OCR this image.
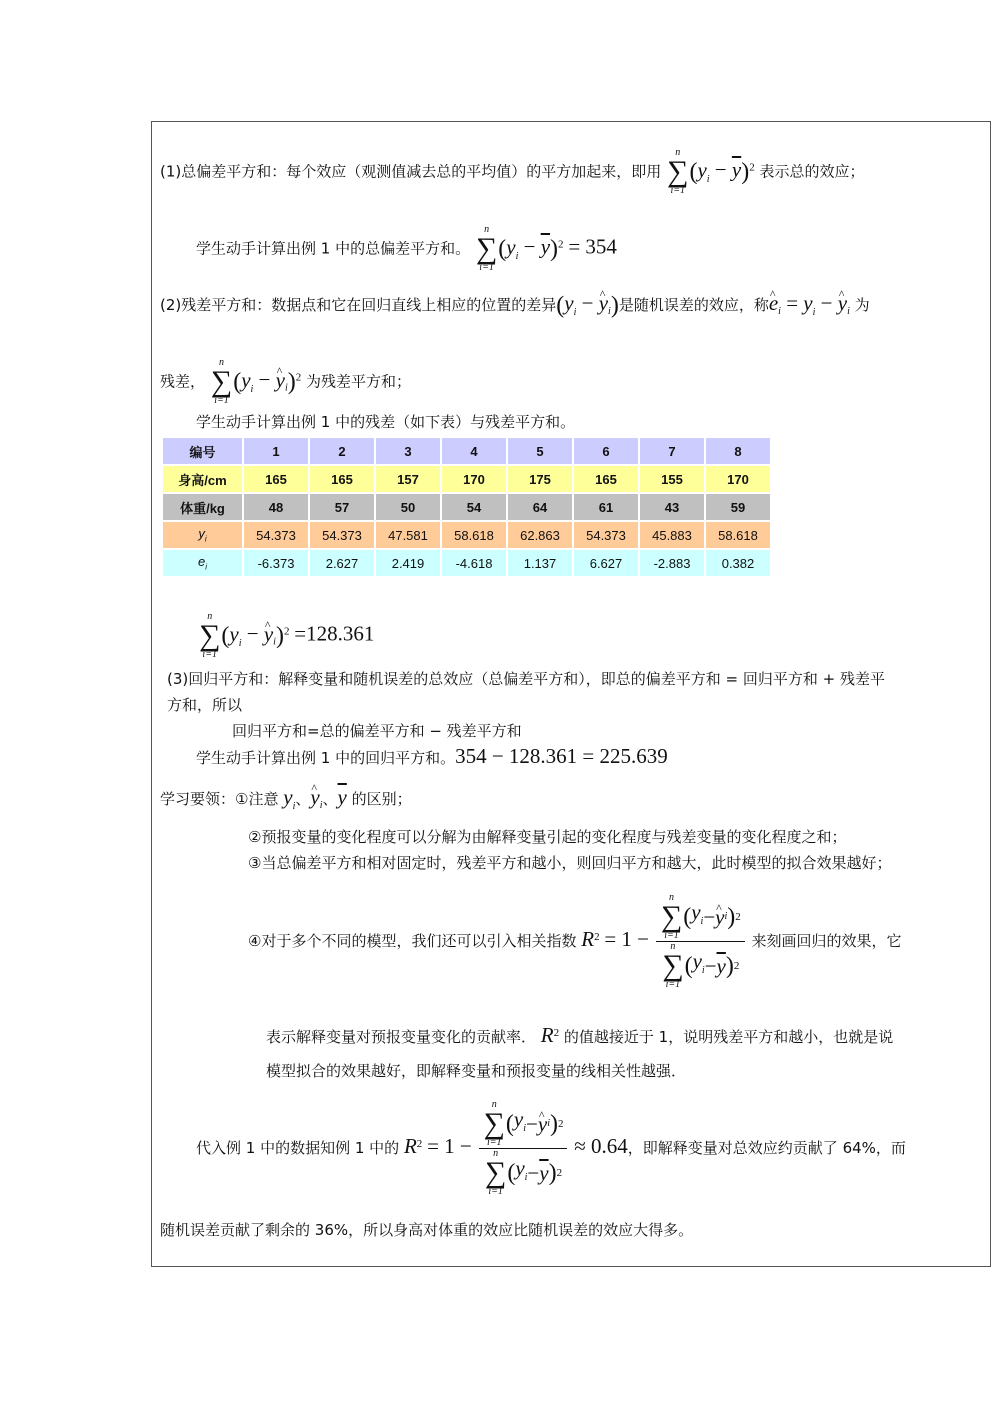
(1)总偏差平方和：每个效应（观测值减去总的平均值）的平方加起来，即用
n
∑
i=1
$(y_i - \overline{y})^2$ 表示总的效应；
学生动手计算出例 1 中的总偏差平方和。
n
∑
i=1
$(y_i - \overline{y})^2 = 354$
(2)残差平方和：数据点和它在回归直线上相应的位置的差异($y_i$ − ^ $y_i$)是随机误差的效应，称^ $e_i = y_i$ − ^ $y_i$ 为
残差，
n
∑
i=1
($y_i$ − ^ $y_i)^2$ 为残差平方和；
学生动手计算出例 1 中的残差（如下表）与残差平方和。
编号	1	2	3	4	5	6	7	8
身高/cm	165	165	157	170	175	165	155	170
体重/kg	48	57	50	54	64	61	43	59
$y_i$	54.373	54.373	47.581	58.618	62.863	54.373	45.883	58.618
$e_i$	-6.373	2.627	2.419	-4.618	1.137	6.627	-2.883	0.382
n
∑
i=1
($y_i$ − ^ $y_i)^2 =128.361$
(3)回归平方和：解释变量和随机误差的总效应（总偏差平方和），即总的偏差平方和 = 回归平方和 + 残差平
方和，所以
回归平方和=总的偏差平方和 − 残差平方和
学生动手计算出例 1 中的回归平方和。354 − 128.361 = 225.639
学习要领：①注意 $y_i$、^ $y_i$、$\overline{y}$ 的区别；
②预报变量的变化程度可以分解为由解释变量引起的变化程度与残差变量的变化程度之和；
③当总偏差平方和相对固定时，残差平方和越小，则回归平方和越大，此时模型的拟合效果越好；
④对于多个不同的模型，我们还可以引入相关指数 $R^2 = 1 - n$
∑
i=1
( $y_i$ − ^ y i ) 2
n
∑
i=1
( $y_i - \overline{y}$ ) 2 来刻画回归的效果，它
表示解释变量对预报变量变化的贡献率． $R^2$ 的值越接近于 1，说明残差平方和越小，也就是说
模型拟合的效果越好，即解释变量和预报变量的线相关性越强．
代入例 1 中的数据知例 1 中的 $R^2 = 1 - n$
∑
i=1
( $y_i$ − ^ y i ) 2
n
∑
i=1
( $y_i - \overline{y}$ ) 2 ≈ 0.64，即解释变量对总效应约贡献了 64%，而
随机误差贡献了剩余的 36%，所以身高对体重的效应比随机误差的效应大得多。
